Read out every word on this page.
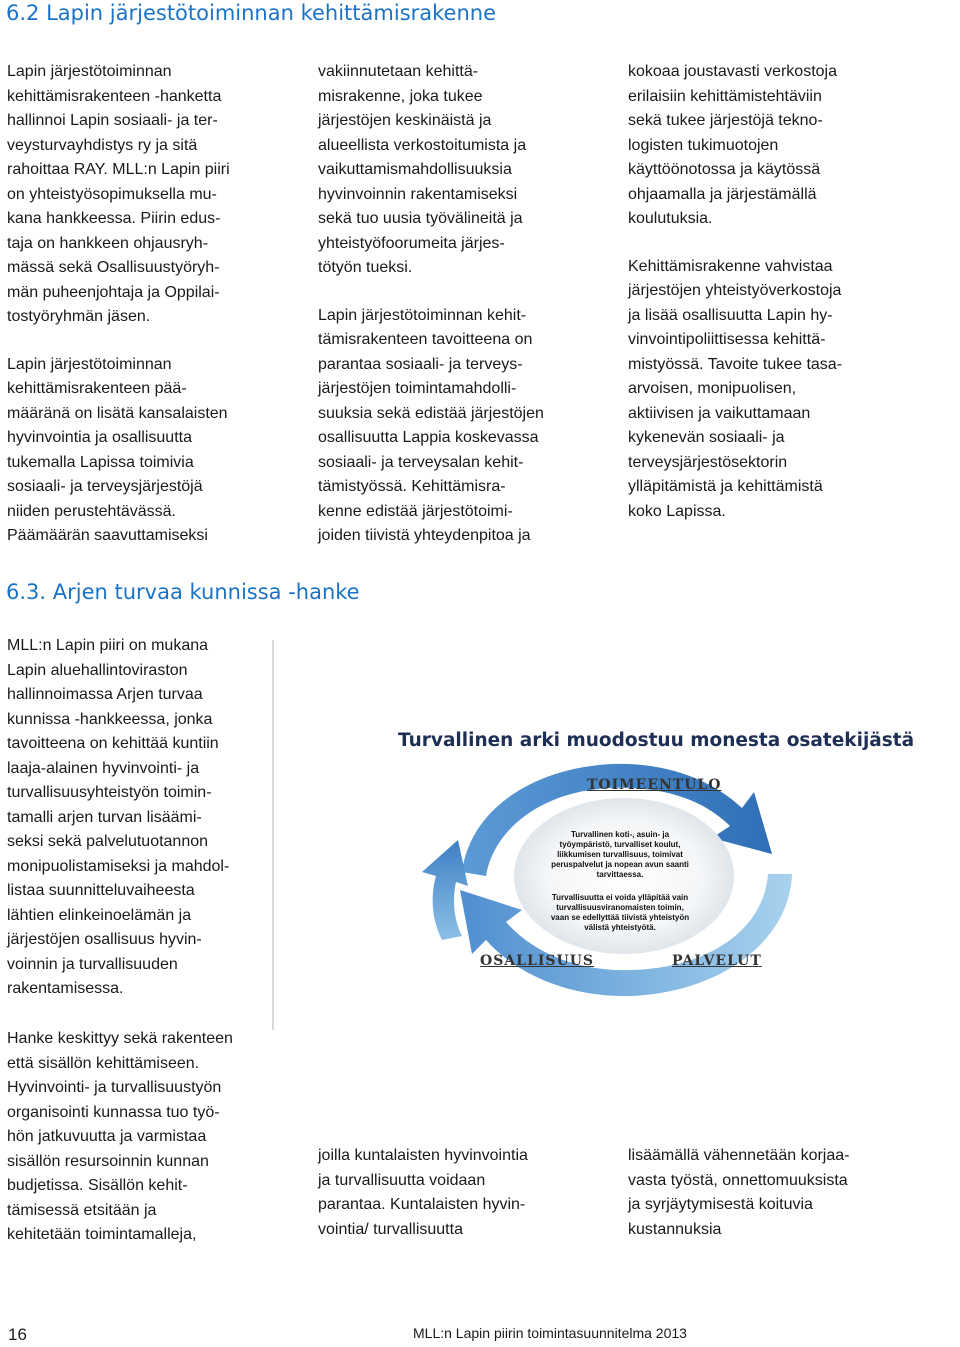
6.2 Lapin järjestötoiminnan kehittämisrakenne

Lapin järjestötoiminnan
kehittämisrakenteen -hanketta
hallinnoi Lapin sosiaali- ja ter-
veysturvayhdistys ry ja sitä
rahoittaa RAY. MLL:n Lapin piiri
on yhteistyösopimuksella mu-
kana hankkeessa. Piirin edus-
taja on hankkeen ohjausryh-
mässä sekä Osallisuustyöryh-
män puheenjohtaja ja Oppilai-
tostyöryhmän jäsen.

Lapin järjestötoiminnan
kehittämisrakenteen pää-
määränä on lisätä kansalaisten
hyvinvointia ja osallisuutta
tukemalla Lapissa toimivia
sosiaali- ja terveysjärjestöjä
niiden perustehtävässä.
Päämäärän saavuttamiseksi

vakiinnutetaan kehittä-
misrakenne, joka tukee
järjestöjen keskinäistä ja
alueellista verkostoitumista ja
vaikuttamismahdollisuuksia
hyvinvoinnin rakentamiseksi
sekä tuo uusia työvälineitä ja
yhteistyöfoorumeita järjes-
tötyön tueksi.

Lapin järjestötoiminnan kehit-
tämisrakenteen tavoitteena on
parantaa sosiaali- ja terveys-
järjestöjen toimintamahdolli-
suuksia sekä edistää järjestöjen
osallisuutta Lappia koskevassa
sosiaali- ja terveysalan kehit-
tämistyössä. Kehittämisra-
kenne edistää järjestötoimi-
joiden tiivistä yhteydenpitoa ja

kokoaa joustavasti verkostoja
erilaisiin kehittämistehtäviin
sekä tukee järjestöjä tekno-
logisten tukimuotojen
käyttöönotossa ja käytössä
ohjaamalla ja järjestämällä
koulutuksia.

Kehittämisrakenne vahvistaa
järjestöjen yhteistyöverkostoja
ja lisää osallisuutta Lapin hy-
vinvointipoliittisessa kehittä-
mistyössä. Tavoite tukee tasa-
arvoisen, monipuolisen,
aktiivisen ja vaikuttamaan
kykenevän sosiaali- ja
terveysjärjestösektorin
ylläpitämistä ja kehittämistä
koko Lapissa.

6.3. Arjen turvaa kunnissa -hanke

MLL:n Lapin piiri on mukana
Lapin aluehallintoviraston
hallinnoimassa Arjen turvaa
kunnissa -hankkeessa, jonka
tavoitteena on kehittää kuntiin
laaja-alainen hyvinvointi- ja
turvallisuusyhteistyön toimin-
tamalli arjen turvan lisäämi-
seksi sekä palvelutuotannon
monipuolistamiseksi ja mahdol-
listaa suunnitteluvaiheesta
lähtien elinkeinoelämän ja
järjestöjen osallisuus hyvin-
voinnin ja turvallisuuden
rakentamisessa.

Hanke keskittyy sekä rakenteen
että sisällön kehittämiseen.
Hyvinvointi- ja turvallisuustyön
organisointi kunnassa tuo työ-
hön jatkuvuutta ja varmistaa
sisällön resursoinnin kunnan
budjetissa. Sisällön kehit-
tämisessä etsitään ja
kehitetään toimintamalleja,

joilla kuntalaisten hyvinvointia
ja turvallisuutta voidaan
parantaa. Kuntalaisten hyvin-
vointia/ turvallisuutta

lisäämällä vähennetään korjaa-
vasta työstä, onnettomuuksista
ja syrjäytymisestä koituvia
kustannuksia

Turvallinen arki muodostuu monesta osatekijästä
TOIMEENTULO
OSALLISUUS	PALVELUT
Turvallinen koti-, asuin- ja
työympäristö, turvalliset koulut,
liikkumisen turvallisuus, toimivat
peruspalvelut ja nopean avun saanti
tarvittaessa.
Turvallisuutta ei voida ylläpitää vain
turvallisuusviranomaisten toimin,
vaan se edellyttää tiivistä yhteistyön
välistä yhteistyötä.
16	MLL:n Lapin piirin toimintasuunnitelma 2013
